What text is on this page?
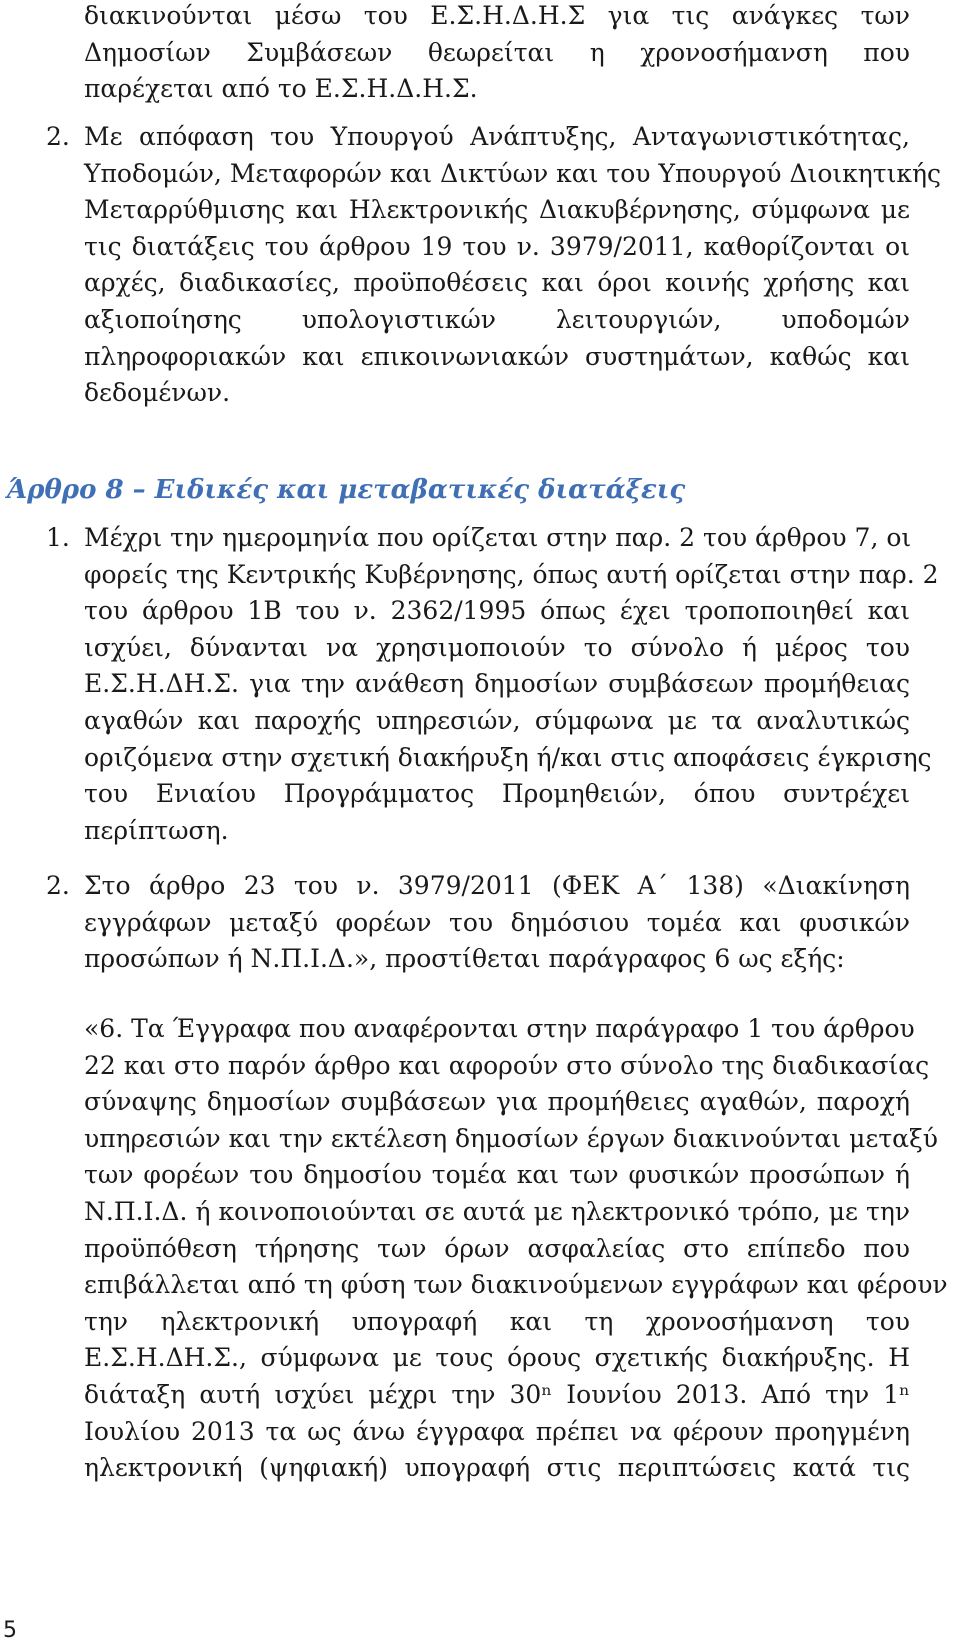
διακινούνται μέσω του Ε.Σ.Η.Δ.Η.Σ για τις ανάγκες των
Δημοσίων Συμβάσεων θεωρείται η χρονοσήμανση που
παρέχεται από το Ε.Σ.Η.Δ.Η.Σ.
2. Με απόφαση του Υπουργού Ανάπτυξης, Ανταγωνιστικότητας,
Υποδομών, Μεταφορών και Δικτύων και του Υπουργού Διοικητικής
Μεταρρύθμισης και Ηλεκτρονικής Διακυβέρνησης, σύμφωνα με
τις διατάξεις του άρθρου 19 του ν. 3979/2011, καθορίζονται οι
αρχές, διαδικασίες, προϋποθέσεις και όροι κοινής χρήσης και
αξιοποίησης υπολογιστικών λειτουργιών, υποδομών
πληροφοριακών και επικοινωνιακών συστημάτων, καθώς και
δεδομένων.
Άρθρο 8 – Ειδικές και μεταβατικές διατάξεις
1. Μέχρι την ημερομηνία που ορίζεται στην παρ. 2 του άρθρου 7, οι
φορείς της Κεντρικής Κυβέρνησης, όπως αυτή ορίζεται στην παρ. 2
του άρθρου 1Β του ν. 2362/1995 όπως έχει τροποποιηθεί και
ισχύει, δύνανται να χρησιμοποιούν το σύνολο ή μέρος του
Ε.Σ.Η.ΔΗ.Σ. για την ανάθεση δημοσίων συμβάσεων προμήθειας
αγαθών και παροχής υπηρεσιών, σύμφωνα με τα αναλυτικώς
οριζόμενα στην σχετική διακήρυξη ή/και στις αποφάσεις έγκρισης
του Ενιαίου Προγράμματος Προμηθειών, όπου συντρέχει
περίπτωση.
2. Στο άρθρο 23 του ν. 3979/2011 (ΦΕΚ Α΄ 138) «Διακίνηση
εγγράφων μεταξύ φορέων του δημόσιου τομέα και φυσικών
προσώπων ή Ν.Π.Ι.Δ.», προστίθεται παράγραφος 6 ως εξής:
«6. Τα Έγγραφα που αναφέρονται στην παράγραφο 1 του άρθρου
22 και στο παρόν άρθρο και αφορούν στο σύνολο της διαδικασίας
σύναψης δημοσίων συμβάσεων για προμήθειες αγαθών, παροχή
υπηρεσιών και την εκτέλεση δημοσίων έργων διακινούνται μεταξύ
των φορέων του δημοσίου τομέα και των φυσικών προσώπων ή
Ν.Π.Ι.Δ. ή κοινοποιούνται σε αυτά με ηλεκτρονικό τρόπο, με την
προϋπόθεση τήρησης των όρων ασφαλείας στο επίπεδο που
επιβάλλεται από τη φύση των διακινούμενων εγγράφων και φέρουν
την ηλεκτρονική υπογραφή και τη χρονοσήμανση του
Ε.Σ.Η.ΔΗ.Σ., σύμφωνα με τους όρους σχετικής διακήρυξης. Η
διάταξη αυτή ισχύει μέχρι την 30ⁿ Ιουνίου 2013. Από την 1ⁿ
Ιουλίου 2013 τα ως άνω έγγραφα πρέπει να φέρουν προηγμένη
ηλεκτρονική (ψηφιακή) υπογραφή στις περιπτώσεις κατά τις
5
